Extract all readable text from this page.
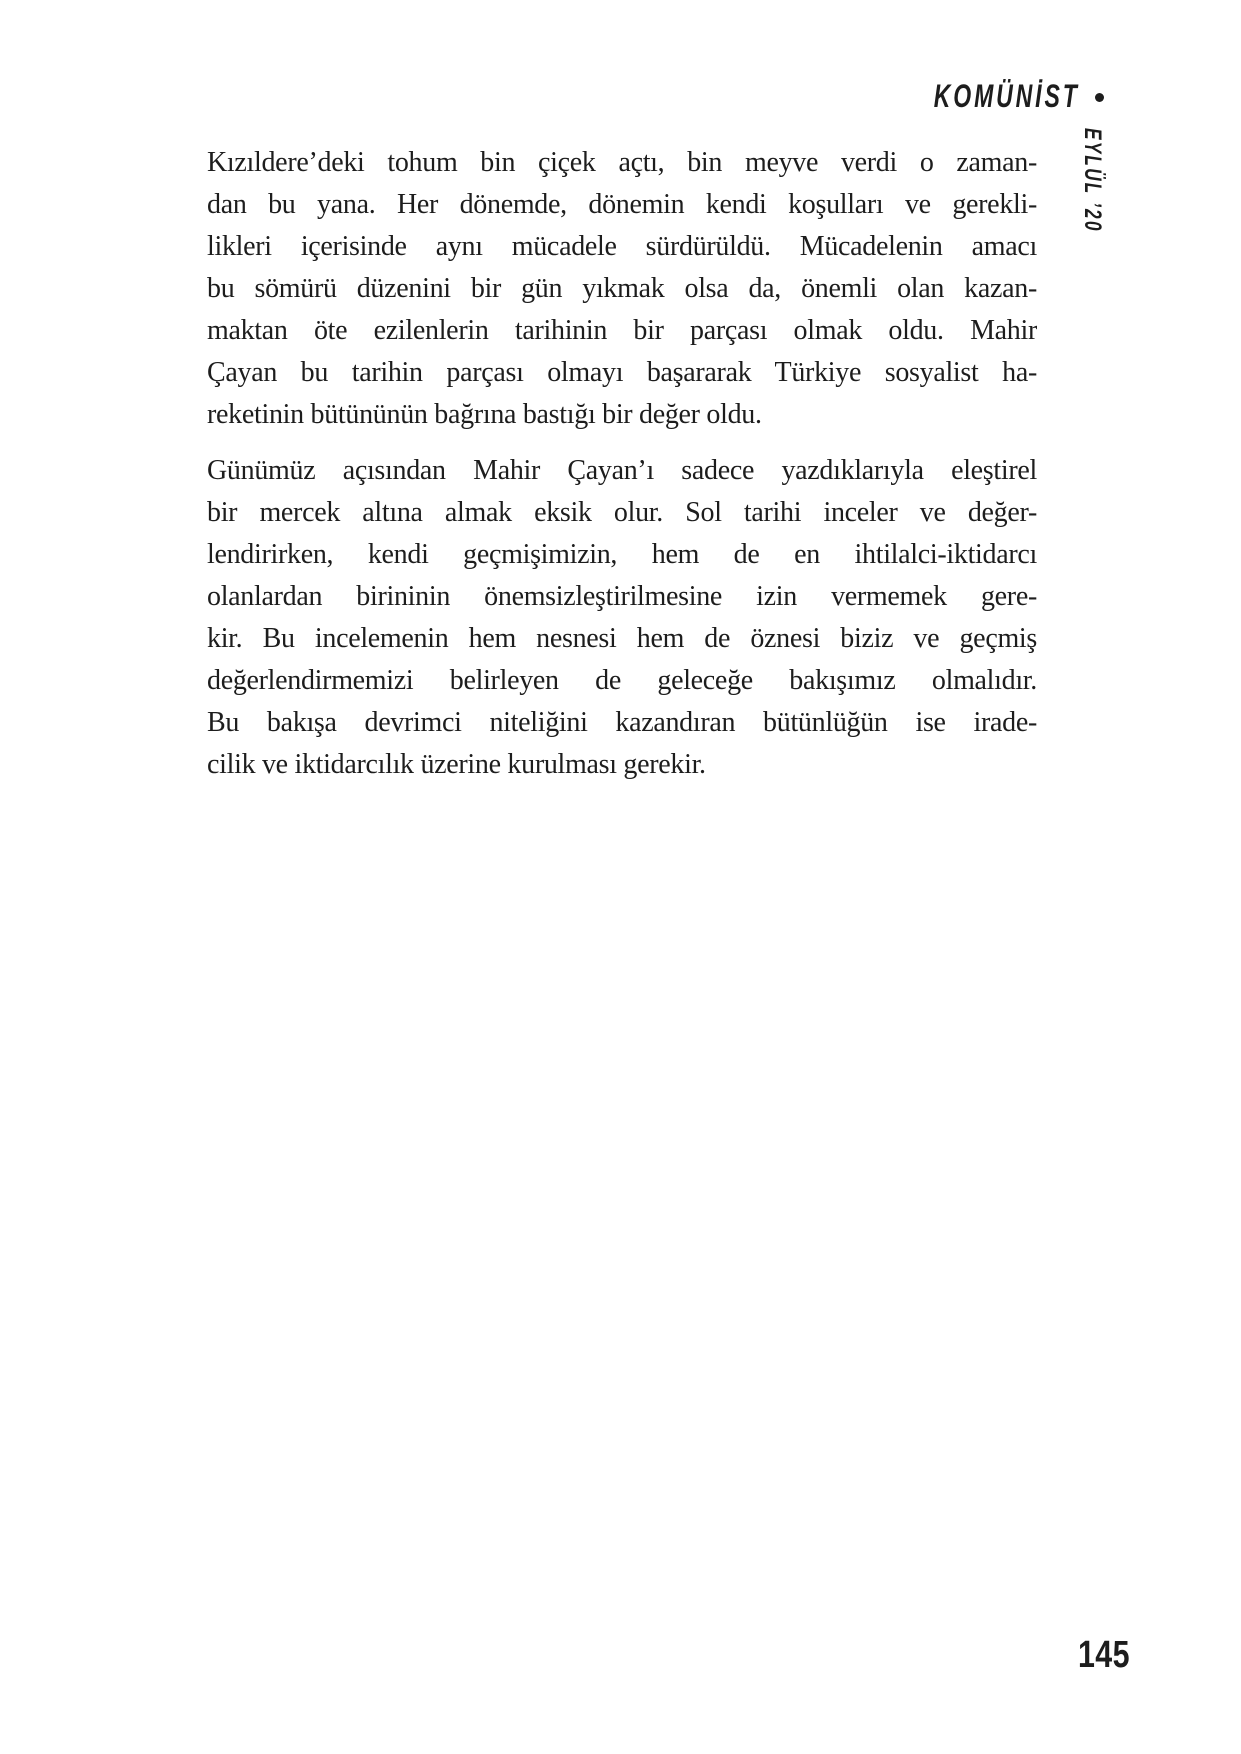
KOMÜNİST
EYLÜL ’20
Kızıldere’deki tohum bin çiçek açtı, bin meyve verdi o zaman-
dan bu yana. Her dönemde, dönemin kendi koşulları ve gerekli-
likleri içerisinde aynı mücadele sürdürüldü. Mücadelenin amacı
bu sömürü düzenini bir gün yıkmak olsa da, önemli olan kazan-
maktan öte ezilenlerin tarihinin bir parçası olmak oldu. Mahir
Çayan bu tarihin parçası olmayı başararak Türkiye sosyalist ha-
reketinin bütününün bağrına bastığı bir değer oldu.
Günümüz açısından Mahir Çayan’ı sadece yazdıklarıyla eleştirel
bir mercek altına almak eksik olur. Sol tarihi inceler ve değer-
lendirirken, kendi geçmişimizin, hem de en ihtilalci-iktidarcı
olanlardan birininin önemsizleştirilmesine izin vermemek gere-
kir. Bu incelemenin hem nesnesi hem de öznesi biziz ve geçmiş
değerlendirmemizi belirleyen de geleceğe bakışımız olmalıdır.
Bu bakışa devrimci niteliğini kazandıran bütünlüğün ise irade-
cilik ve iktidarcılık üzerine kurulması gerekir.
145
